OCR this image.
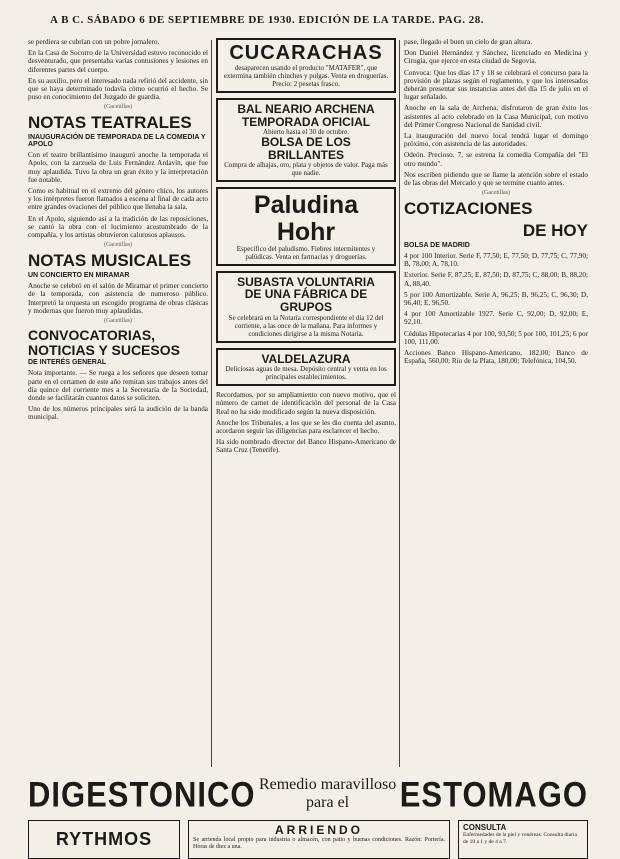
A B C. SÁBADO 6 DE SEPTIEMBRE DE 1930. EDICIÓN DE LA TARDE. PAG. 28.

se perdiera se cubrían con un pobre jornalero.

En la Casa de Socorro de la Universidad estuvo reconocido el desventurado, que presentaba varias contusiones y lesiones en diferentes partes del cuerpo.

En su auxilio, pero el interesado nada refirió del accidente, sin que se haya determinado todavía cómo ocurrió el hecho. Se puso en conocimiento del Juzgado de guardia.

(Gacetillas)
NOTAS TEATRALES
INAUGURACIÓN DE TEMPORADA DE LA COMEDIA Y APOLO

Con el teatro brillantísimo inauguró anoche la temporada el Apolo, con la zarzuela de Luis Fernández Ardavín, que fue muy aplaudida. Tuvo la obra un gran éxito y la interpretación fue notable.

Como es habitual en el extremo del género chico, los autores y los intérpretes fueron llamados a escena al final de cada acto entre grandes ovaciones del público que llenaba la sala.

En el Apolo, siguiendo así a la tradición de las reposiciones, se cantó la obra con el lucimiento acostumbrado de la compañía, y los artistas obtuvieron calurosos aplausos.

(Gacetillas)
NOTAS MUSICALES
UN CONCIERTO EN MIRAMAR

Anoche se celebró en el salón de Miramar el primer concierto de la temporada, con asistencia de numeroso público. Interpretó la orquesta un escogido programa de obras clásicas y modernas que fueron muy aplaudidas.

(Gacetillas)
CONVOCATORIAS, NOTICIAS Y SUCESOS
DE INTERÉS GENERAL

Nota importante. — Se ruega a los señores que deseen tomar parte en el certamen de este año remitan sus trabajos antes del día quince del corriente mes a la Secretaría de la Sociedad, donde se facilitarán cuantos datos se soliciten.

Uno de los números principales será la audición de la banda municipal.

CUCARACHAS

desaparecen usando el producto "MATAFER", que extermina también chinches y pulgas. Venta en droguerías.

Precio: 2 pesetas frasco.

BAL NEARIO ARCHENA
TEMPORADA OFICIAL

Abierto hasta el 30 de octubre.

BOLSA DE LOS BRILLANTES

Compra de alhajas, oro, plata y objetos de valor. Paga más que nadie.

Paludina Hohr

Específico del paludismo. Fiebres intermitentes y palúdicas. Venta en farmacias y droguerías.

SUBASTA VOLUNTARIA
DE UNA FÁBRICA DE GRUPOS

Se celebrará en la Notaría correspondiente el día 12 del corriente, a las once de la mañana. Para informes y condiciones dirigirse a la misma Notaría.

VALDELAZURA

Deliciosas aguas de mesa. Depósito central y venta en los principales establecimientos.

Recordamos, por su ampliamiento con nuevo motivo, que el número de carnet de identificación del personal de la Casa Real no ha sido modificado según la nueva disposición.

Anoche los Tribunales, a los que se les dio cuenta del asunto, acordaron seguir las diligencias para esclarecer el hecho.

Ha sido nombrado director del Banco Hispano-Americano de Santa Cruz (Tenerife).

pase, llegado el buen un cielo de gran altura.

Don Daniel Hernández y Sánchez, licenciado en Medicina y Cirugía, que ejerce en esta ciudad de Segovia.

Convoca: Que los días 17 y 18 se celebrará el concurso para la provisión de plazas según el reglamento, y que los interesados deberán presentar sus instancias antes del día 15 de julio en el lugar señalado.

Anoche en la sala de Archena, disfrutaron de gran éxito los asistentes al acto celebrado en la Casa Municipal, con motivo del Primer Congreso Nacional de Sanidad civil.

La inauguración del nuevo local tendrá lugar el domingo próximo, con asistencia de las autoridades.

Odeón. Precioso. 7, se estrena la comedia Compañía del "El otro mundo".

Nos escriben pidiendo que se llame la atención sobre el estado de las obras del Mercado y que se termine cuanto antes.

(Gacetillas)
COTIZACIONES
DE HOY
BOLSA DE MADRID

4 por 100 Interior. Serie F, 77,50; E, 77,50; D, 77,75; C, 77,90; B, 78,00; A, 78,10.

Exterior. Serie F, 87,25; E, 87,50; D, 87,75; C, 88,00; B, 88,20; A, 88,40.

5 por 100 Amortizable. Serie A, 96,25; B, 96,25; C, 96,30; D, 96,40; E, 96,50.

4 por 100 Amortizable 1927. Serie C, 92,00; D, 92,00; E, 92,10.

Cédulas Hipotecarias 4 por 100, 93,50; 5 por 100, 101,25; 6 por 100, 111,00.

Acciones Banco Hispano-Americano, 182,00; Banco de España, 560,00; Río de la Plata, 180,00; Telefónica, 104,50.

DIGESTONICO Remedio maravilloso
para el	ESTOMAGO
RYTHMOS	ARRIENDO

Se arrienda local propio para industria o almacén, con patio y buenas condiciones. Razón: Portería. Horas de diez a una.

CONSULTA

Enfermedades de la piel y venéreas. Consulta diaria de 10 a 1 y de 4 a 7.
